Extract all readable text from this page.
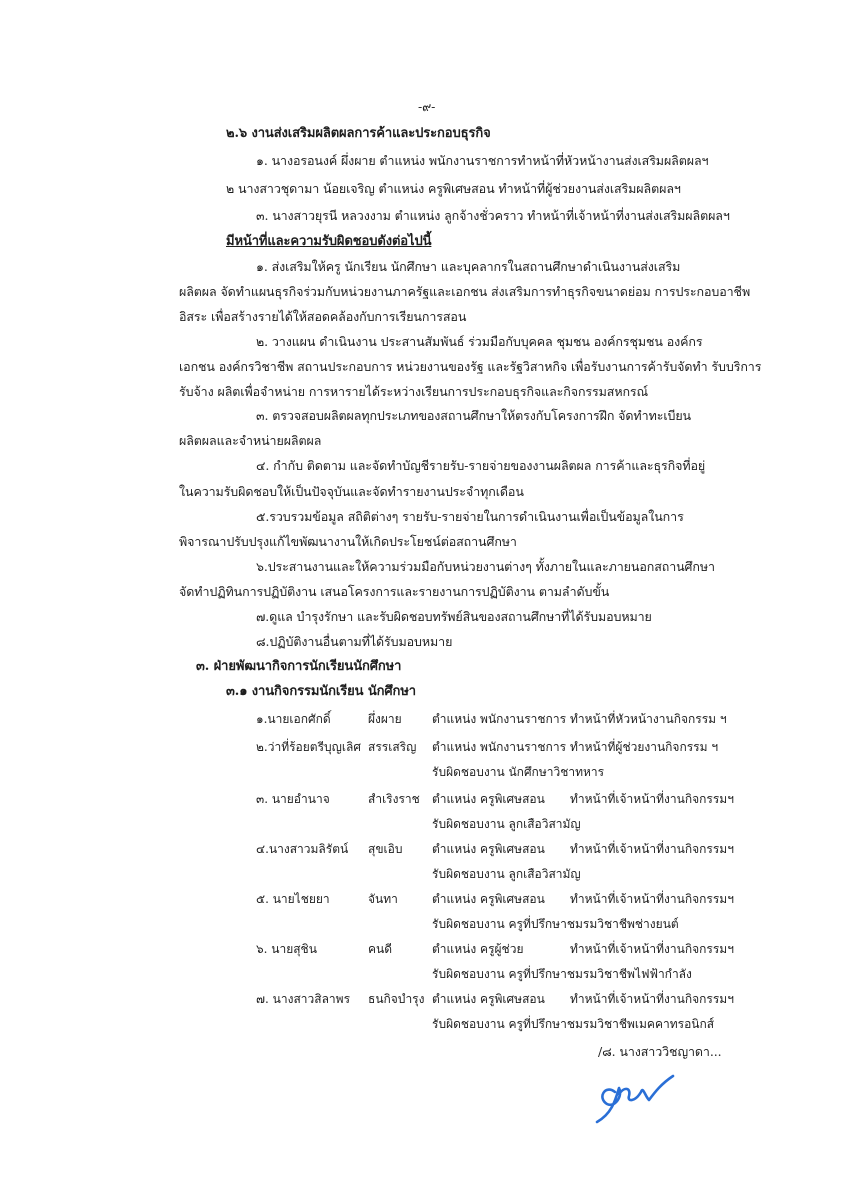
-๙-
๒.๖ งานส่งเสริมผลิตผลการค้าและประกอบธุรกิจ
๑. นางอรอนงค์ ผึ่งผาย ตำแหน่ง พนักงานราชการทำหน้าที่หัวหน้างานส่งเสริมผลิตผลฯ
๒ นางสาวชุดามา น้อยเจริญ ตำแหน่ง ครูพิเศษสอน ทำหน้าที่ผู้ช่วยงานส่งเสริมผลิตผลฯ
๓. นางสาวยุรนี หลวงงาม ตำแหน่ง ลูกจ้างชั่วคราว ทำหน้าที่เจ้าหน้าที่งานส่งเสริมผลิตผลฯ
มีหน้าที่และความรับผิดชอบดังต่อไปนี้
๑. ส่งเสริมให้ครู นักเรียน นักศึกษา และบุคลากรในสถานศึกษาดำเนินงานส่งเสริม
ผลิตผล จัดทำแผนธุรกิจร่วมกับหน่วยงานภาครัฐและเอกชน ส่งเสริมการทำธุรกิจขนาดย่อม การประกอบอาชีพ
อิสระ เพื่อสร้างรายได้ให้สอดคล้องกับการเรียนการสอน
๒. วางแผน ดำเนินงาน ประสานสัมพันธ์ ร่วมมือกับบุคคล ชุมชน องค์กรชุมชน องค์กร
เอกชน องค์กรวิชาชีพ สถานประกอบการ หน่วยงานของรัฐ และรัฐวิสาหกิจ เพื่อรับงานการค้ารับจัดทำ รับบริการ
รับจ้าง ผลิตเพื่อจำหน่าย การหารายได้ระหว่างเรียนการประกอบธุรกิจและกิจกรรมสหกรณ์
๓. ตรวจสอบผลิตผลทุกประเภทของสถานศึกษาให้ตรงกับโครงการฝึก จัดทำทะเบียน
ผลิตผลและจำหน่ายผลิตผล
๔. กำกับ ติดตาม และจัดทำบัญชีรายรับ-รายจ่ายของงานผลิตผล การค้าและธุรกิจที่อยู่
ในความรับผิดชอบให้เป็นปัจจุบันและจัดทำรายงานประจำทุกเดือน
๕.รวบรวมข้อมูล สถิติต่างๆ รายรับ-รายจ่ายในการดำเนินงานเพื่อเป็นข้อมูลในการ
พิจารณาปรับปรุงแก้ไขพัฒนางานให้เกิดประโยชน์ต่อสถานศึกษา
๖.ประสานงานและให้ความร่วมมือกับหน่วยงานต่างๆ ทั้งภายในและภายนอกสถานศึกษา
จัดทำปฏิทินการปฏิบัติงาน เสนอโครงการและรายงานการปฏิบัติงาน ตามลำดับขั้น
๗.ดูแล บำรุงรักษา และรับผิดชอบทรัพย์สินของสถานศึกษาที่ได้รับมอบหมาย
๘.ปฏิบัติงานอื่นตามที่ได้รับมอบหมาย
๓. ฝ่ายพัฒนากิจการนักเรียนนักศึกษา
๓.๑ งานกิจกรรมนักเรียน นักศึกษา
๑.นายเอกศักดิ์	ผึ่งผาย	ตำแหน่ง พนักงานราชการ ทำหน้าที่หัวหน้างานกิจกรรม ฯ
๒.ว่าที่ร้อยตรีบุญเลิศ สรรเสริญ ตำแหน่ง พนักงานราชการ ทำหน้าที่ผู้ช่วยงานกิจกรรม ฯ
รับผิดชอบงาน นักศึกษาวิชาทหาร
๓. นายอำนาจ	สำเริงราช ตำแหน่ง ครูพิเศษสอน ทำหน้าที่เจ้าหน้าที่งานกิจกรรมฯ
รับผิดชอบงาน ลูกเสือวิสามัญ
๔.นางสาวมลิรัตน์ สุขเอิบ ตำแหน่ง ครูพิเศษสอน ทำหน้าที่เจ้าหน้าที่งานกิจกรรมฯ
รับผิดชอบงาน ลูกเสือวิสามัญ
๕. นายไชยยา	จันทา	ตำแหน่ง ครูพิเศษสอน ทำหน้าที่เจ้าหน้าที่งานกิจกรรมฯ
รับผิดชอบงาน ครูที่ปรึกษาชมรมวิชาชีพช่างยนต์
๖. นายสุชิน	คนดี	ตำแหน่ง ครูผู้ช่วย	ทำหน้าที่เจ้าหน้าที่งานกิจกรรมฯ
รับผิดชอบงาน ครูที่ปรึกษาชมรมวิชาชีพไฟฟ้ากำลัง
๗. นางสาวสิลาพร ธนกิจบำรุง ตำแหน่ง ครูพิเศษสอน ทำหน้าที่เจ้าหน้าที่งานกิจกรรมฯ
รับผิดชอบงาน ครูที่ปรึกษาชมรมวิชาชีพเมคคาทรอนิกส์
/๘. นางสาววิชญาดา...
